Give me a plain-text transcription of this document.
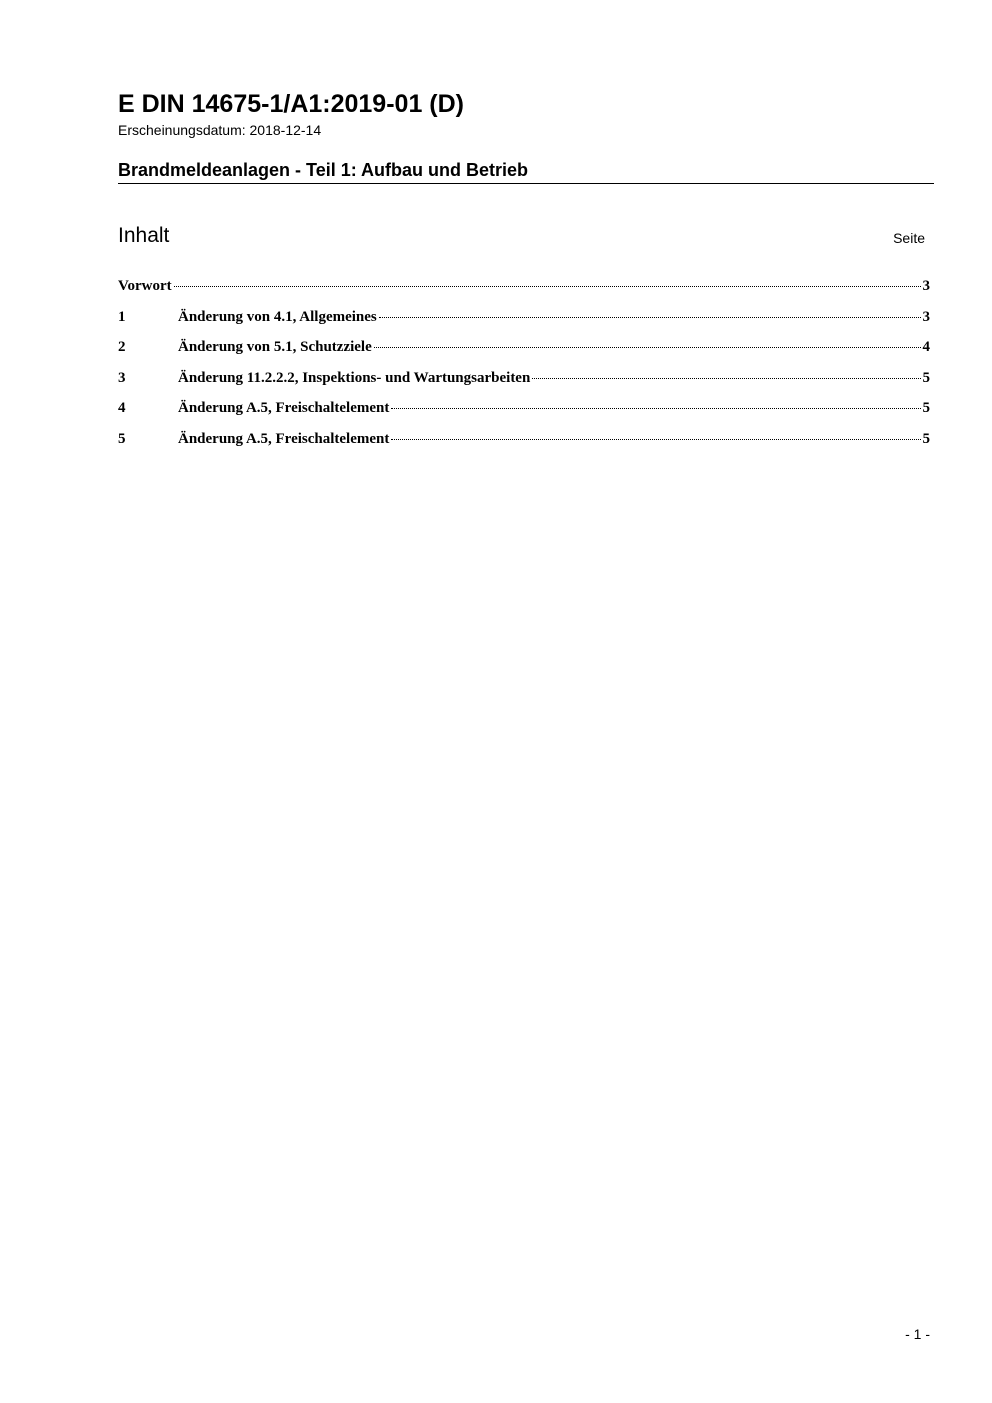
E DIN 14675-1/A1:2019-01 (D)
Erscheinungsdatum: 2018-12-14
Brandmeldeanlagen - Teil 1: Aufbau und Betrieb
Inhalt	Seite
Vorwort	3
1	Änderung von 4.1, Allgemeines	3
2	Änderung von 5.1, Schutzziele	4
3	Änderung 11.2.2.2, Inspektions- und Wartungsarbeiten	5
4	Änderung A.5, Freischaltelement	5
5	Änderung A.5, Freischaltelement	5
- 1 -
